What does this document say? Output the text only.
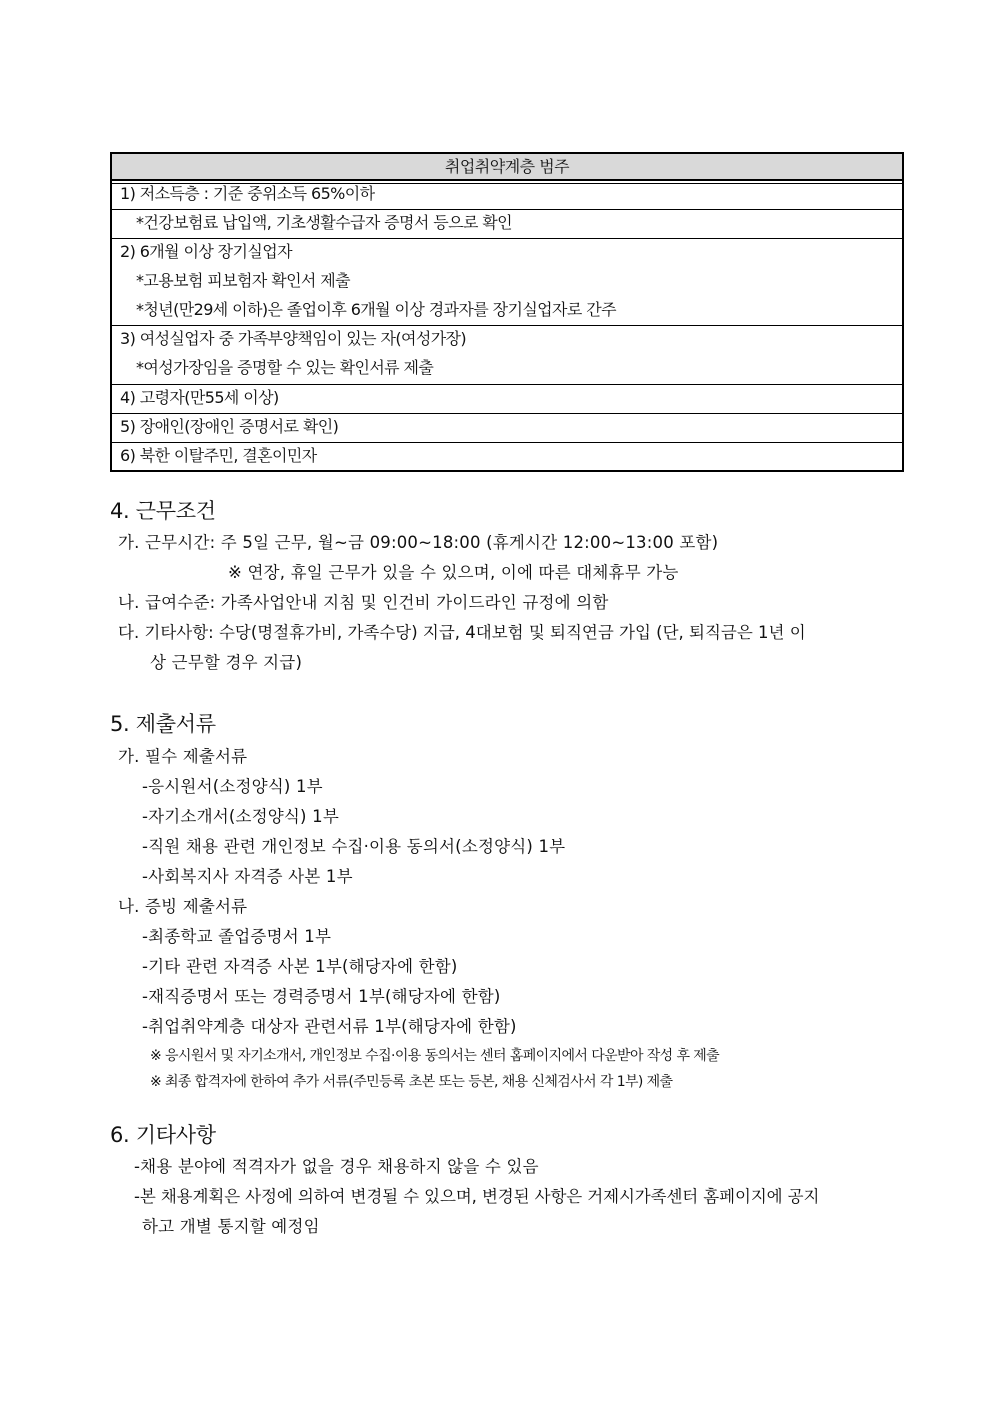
취업취약계층 범주
1) 저소득층 : 기준 중위소득 65%이하
*건강보험료 납입액, 기초생활수급자 증명서 등으로 확인
2) 6개월 이상 장기실업자
*고용보험 피보험자 확인서 제출
*청년(만29세 이하)은 졸업이후 6개월 이상 경과자를 장기실업자로 간주
3) 여성실업자 중 가족부양책임이 있는 자(여성가장)
*여성가장임을 증명할 수 있는 확인서류 제출
4) 고령자(만55세 이상)
5) 장애인(장애인 증명서로 확인)
6) 북한 이탈주민, 결혼이민자
4. 근무조건
가. 근무시간: 주 5일 근무, 월~금 09:00~18:00 (휴게시간 12:00~13:00 포함)
※ 연장, 휴일 근무가 있을 수 있으며, 이에 따른 대체휴무 가능
나. 급여수준: 가족사업안내 지침 및 인건비 가이드라인 규정에 의함
다. 기타사항: 수당(명절휴가비, 가족수당) 지급, 4대보험 및 퇴직연금 가입 (단, 퇴직금은 1년 이
상 근무할 경우 지급)
5. 제출서류
가. 필수 제출서류
-응시원서(소정양식) 1부
-자기소개서(소정양식) 1부
-직원 채용 관련 개인정보 수집·이용 동의서(소정양식) 1부
-사회복지사 자격증 사본 1부
나. 증빙 제출서류
-최종학교 졸업증명서 1부
-기타 관련 자격증 사본 1부(해당자에 한함)
-재직증명서 또는 경력증명서 1부(해당자에 한함)
-취업취약계층 대상자 관련서류 1부(해당자에 한함)
※ 응시원서 및 자기소개서, 개인정보 수집·이용 동의서는 센터 홈페이지에서 다운받아 작성 후 제출
※ 최종 합격자에 한하여 추가 서류(주민등록 초본 또는 등본, 채용 신체검사서 각 1부) 제출
6. 기타사항
-채용 분야에 적격자가 없을 경우 채용하지 않을 수 있음
-본 채용계획은 사정에 의하여 변경될 수 있으며, 변경된 사항은 거제시가족센터 홈페이지에 공지
하고 개별 통지할 예정임
